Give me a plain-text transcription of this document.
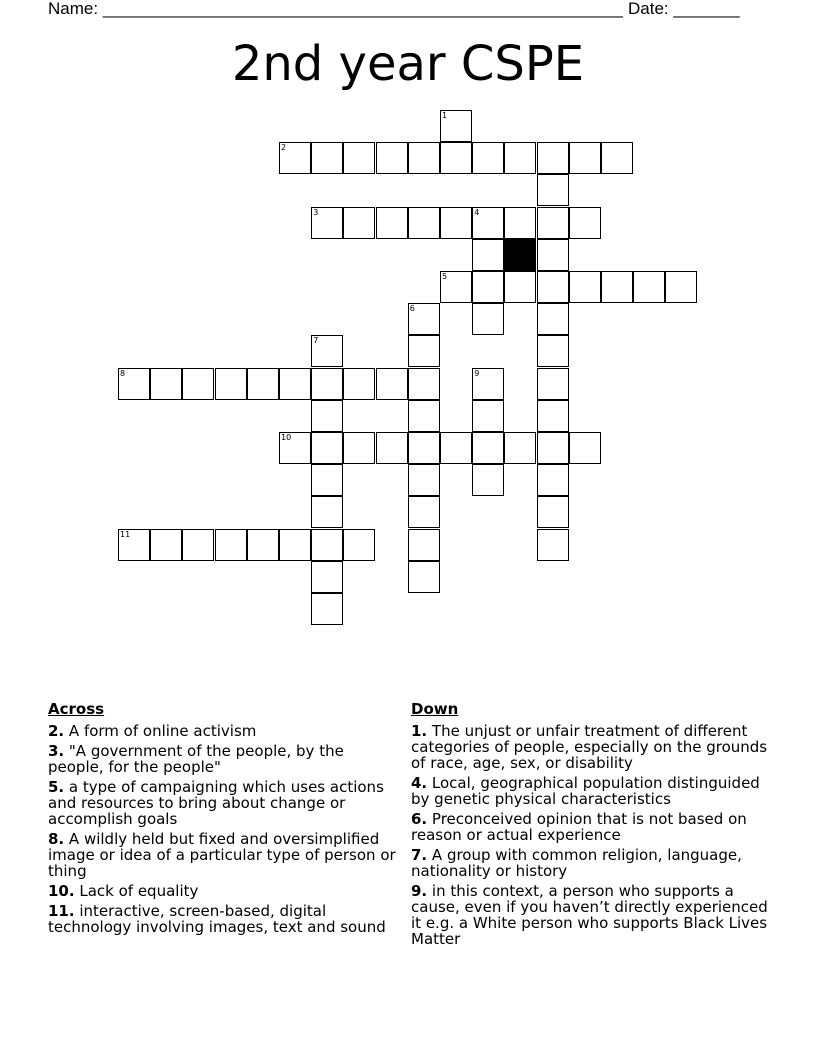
Name: _______________________________________________________ Date: _______
2nd year CSPE
1
2
3	4
5
6
7
8	9
10
11
Across
2. A form of online activism
3. "A government of the people, by the people, for the people"
5. a type of campaigning which uses actions and resources to bring about change or accomplish goals
8. A wildly held but fixed and oversimplified image or idea of a particular type of person or thing
10. Lack of equality
11. interactive, screen-based, digital technology involving images, text and sound
Down
1. The unjust or unfair treatment of different categories of people, especially on the grounds of race, age, sex, or disability
4. Local, geographical population distinguided by genetic physical characteristics
6. Preconceived opinion that is not based on reason or actual experience
7. A group with common religion, language, nationality or history
9. in this context, a person who supports a cause, even if you haven’t directly experienced it e.g. a White person who supports Black Lives Matter
